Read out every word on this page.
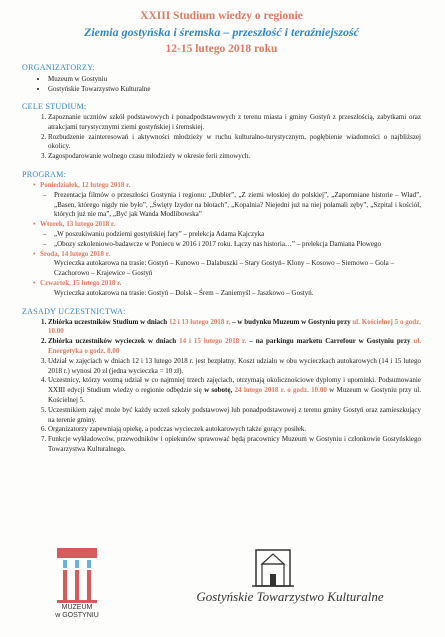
XXIII Studium wiedzy o regionie
Ziemia gostyńska i śremska – przeszłość i teraźniejszość
12-15 lutego 2018 roku
ORGANIZATORZY:
• Muzeum w Gostyniu
• Gostyńskie Towarzystwo Kulturalne
CELE STUDIUM:
1. Zapoznanie uczniów szkół podstawowych i ponadpodstawowych z terenu miasta i gminy Gostyń z przeszłością, zabytkami oraz atrakcjami turystycznymi ziemi gostyńskiej i śremskiej.
2. Rozbudzenie zainteresowań i aktywności młodzieży w ruchu kulturalno-turystycznym, pogłębienie wiadomości o najbliższej okolicy.
3. Zagospodarowanie wolnego czasu młodzieży w okresie ferii zimowych.
PROGRAM:
• Poniedziałek, 12 lutego 2018 r.
– Prezentacja filmów o przeszłości Gostynia i regionu: „Dubler”, „Z ziemi włoskiej do polskiej”, „Zapomniane historie – Wład”, „Basen, którego nigdy nie było”, „Święty Izydor na błotach”, „Kopalnia? Niejedni już na niej połamali zęby”, „Szpital i kościół, których już nie ma”, „Być jak Wanda Modlibowska”
• Wtorek, 13 lutego 2018 r.
– „W poszukiwaniu podziemi gostyńskiej fary” – prelekcja Adama Kajczyka
– „Obozy szkoleniowo-badawcze w Poniecu w 2016 i 2017 roku. Łączy nas historia…” – prelekcja Damiana Płowego
• Środa, 14 lutego 2018 r.
Wycieczka autokarowa na trasie: Gostyń – Kunowo – Dalabuszki – Stary Gostyń– Klony – Kosowo – Siemowo – Gola – Czachorowo – Krajewice – Gostyń
• Czwartek, 15 lutego 2018 r.
Wycieczka autokarowa na trasie: Gostyń – Dolsk – Śrem – Zaniemyśl – Jaszkowo – Gostyń.
ZASADY UCZESTNICTWA:
1. Zbiórka uczestników Studium w dniach 12 i 13 lutego 2018 r. – w budynku Muzeum w Gostyniu przy ul. Kościelnej 5 o godz. 10.00
2. Zbiórka uczestników wycieczek w dniach 14 i 15 lutego 2018 r. – na parkingu marketu Carrefour w Gostyniu przy ul. Energetyka o godz. 8.00
3. Udział w zajęciach w dniach 12 i 13 lutego 2018 r. jest bezpłatny. Koszt udziału w obu wycieczkach autokarowych (14 i 15 lutego 2018 r.) wynosi 20 zł (jedna wycieczka = 10 zł).
4. Uczestnicy, którzy wezmą udział w co najmniej trzech zajęciach, otrzymają okolicznościowe dyplomy i upominki. Podsumowanie XXIII edycji Studium wiedzy o regionie odbędzie się w sobotę, 24 lutego 2018 r. o godz. 10.00 w Muzeum w Gostyniu przy ul. Kościelnej 5.
5. Uczestnikiem zajęć może być każdy uczeń szkoły podstawowej lub ponadpodstawowej z terenu gminy Gostyń oraz zamieszkujący na terenie gminy.
6. Organizatorzy zapewniają opiekę, a podczas wycieczek autokarowych także gorący posiłek.
7. Funkcje wykładowców, przewodników i opiekunów sprawować będą pracownicy Muzeum w Gostyniu i członkowie Gostyńskiego Towarzystwa Kulturalnego.
MUZEUM
w GOSTYNIU
Gostyńskie Towarzystwo Kulturalne
